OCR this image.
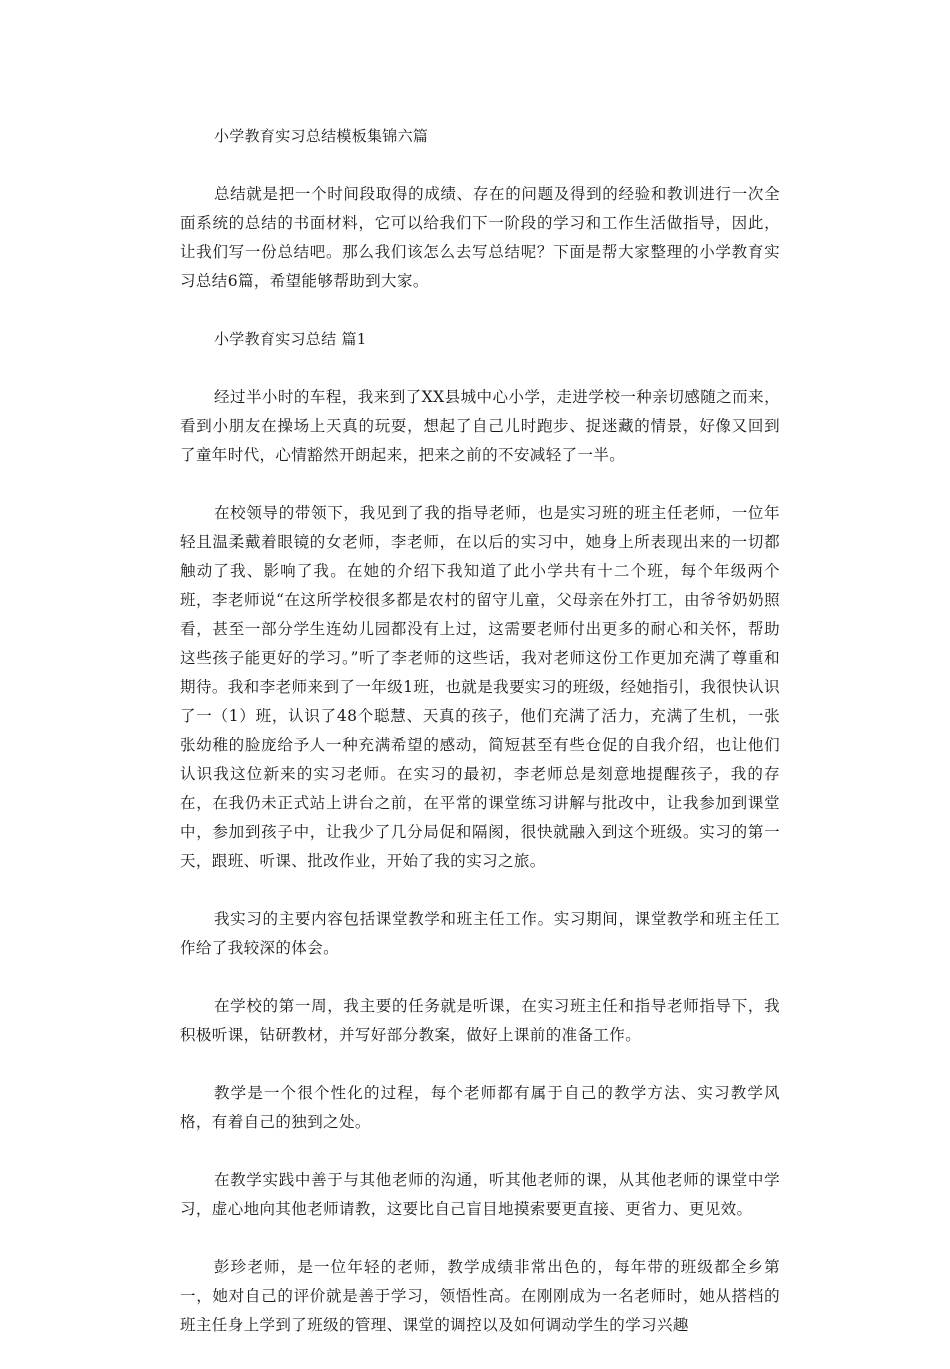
小学教育实习总结模板集锦六篇

总结就是把一个时间段取得的成绩、存在的问题及得到的经验和教训进行一次全面系统的总结的书面材料，它可以给我们下一阶段的学习和工作生活做指导，因此，让我们写一份总结吧。那么我们该怎么去写总结呢？下面是帮大家整理的小学教育实习总结6篇，希望能够帮助到大家。

小学教育实习总结 篇1

经过半小时的车程，我来到了XX县城中心小学，走进学校一种亲切感随之而来，看到小朋友在操场上天真的玩耍，想起了自己儿时跑步、捉迷藏的情景，好像又回到了童年时代，心情豁然开朗起来，把来之前的不安减轻了一半。

在校领导的带领下，我见到了我的指导老师，也是实习班的班主任老师，一位年轻且温柔戴着眼镜的女老师，李老师，在以后的实习中，她身上所表现出来的一切都触动了我、影响了我。在她的介绍下我知道了此小学共有十二个班，每个年级两个班，李老师说“在这所学校很多都是农村的留守儿童，父母亲在外打工，由爷爷奶奶照看，甚至一部分学生连幼儿园都没有上过，这需要老师付出更多的耐心和关怀，帮助这些孩子能更好的学习。”听了李老师的这些话，我对老师这份工作更加充满了尊重和期待。我和李老师来到了一年级1班，也就是我要实习的班级，经她指引，我很快认识了一（1）班，认识了48个聪慧、天真的孩子，他们充满了活力，充满了生机，一张张幼稚的脸庞给予人一种充满希望的感动，简短甚至有些仓促的自我介绍，也让他们认识我这位新来的实习老师。在实习的最初，李老师总是刻意地提醒孩子，我的存在，在我仍未正式站上讲台之前，在平常的课堂练习讲解与批改中，让我参加到课堂中，参加到孩子中，让我少了几分局促和隔阂，很快就融入到这个班级。实习的第一天，跟班、听课、批改作业，开始了我的实习之旅。

我实习的主要内容包括课堂教学和班主任工作。实习期间，课堂教学和班主任工作给了我较深的体会。

在学校的第一周，我主要的任务就是听课，在实习班主任和指导老师指导下，我积极听课，钻研教材，并写好部分教案，做好上课前的准备工作。

教学是一个很个性化的过程，每个老师都有属于自己的教学方法、实习教学风格，有着自己的独到之处。

在教学实践中善于与其他老师的沟通，听其他老师的课，从其他老师的课堂中学习，虚心地向其他老师请教，这要比自己盲目地摸索要更直接、更省力、更见效。

彭珍老师，是一位年轻的老师，教学成绩非常出色的，每年带的班级都全乡第一，她对自己的评价就是善于学习，领悟性高。在刚刚成为一名老师时，她从搭档的班主任身上学到了班级的管理、课堂的调控以及如何调动学生的学习兴趣
